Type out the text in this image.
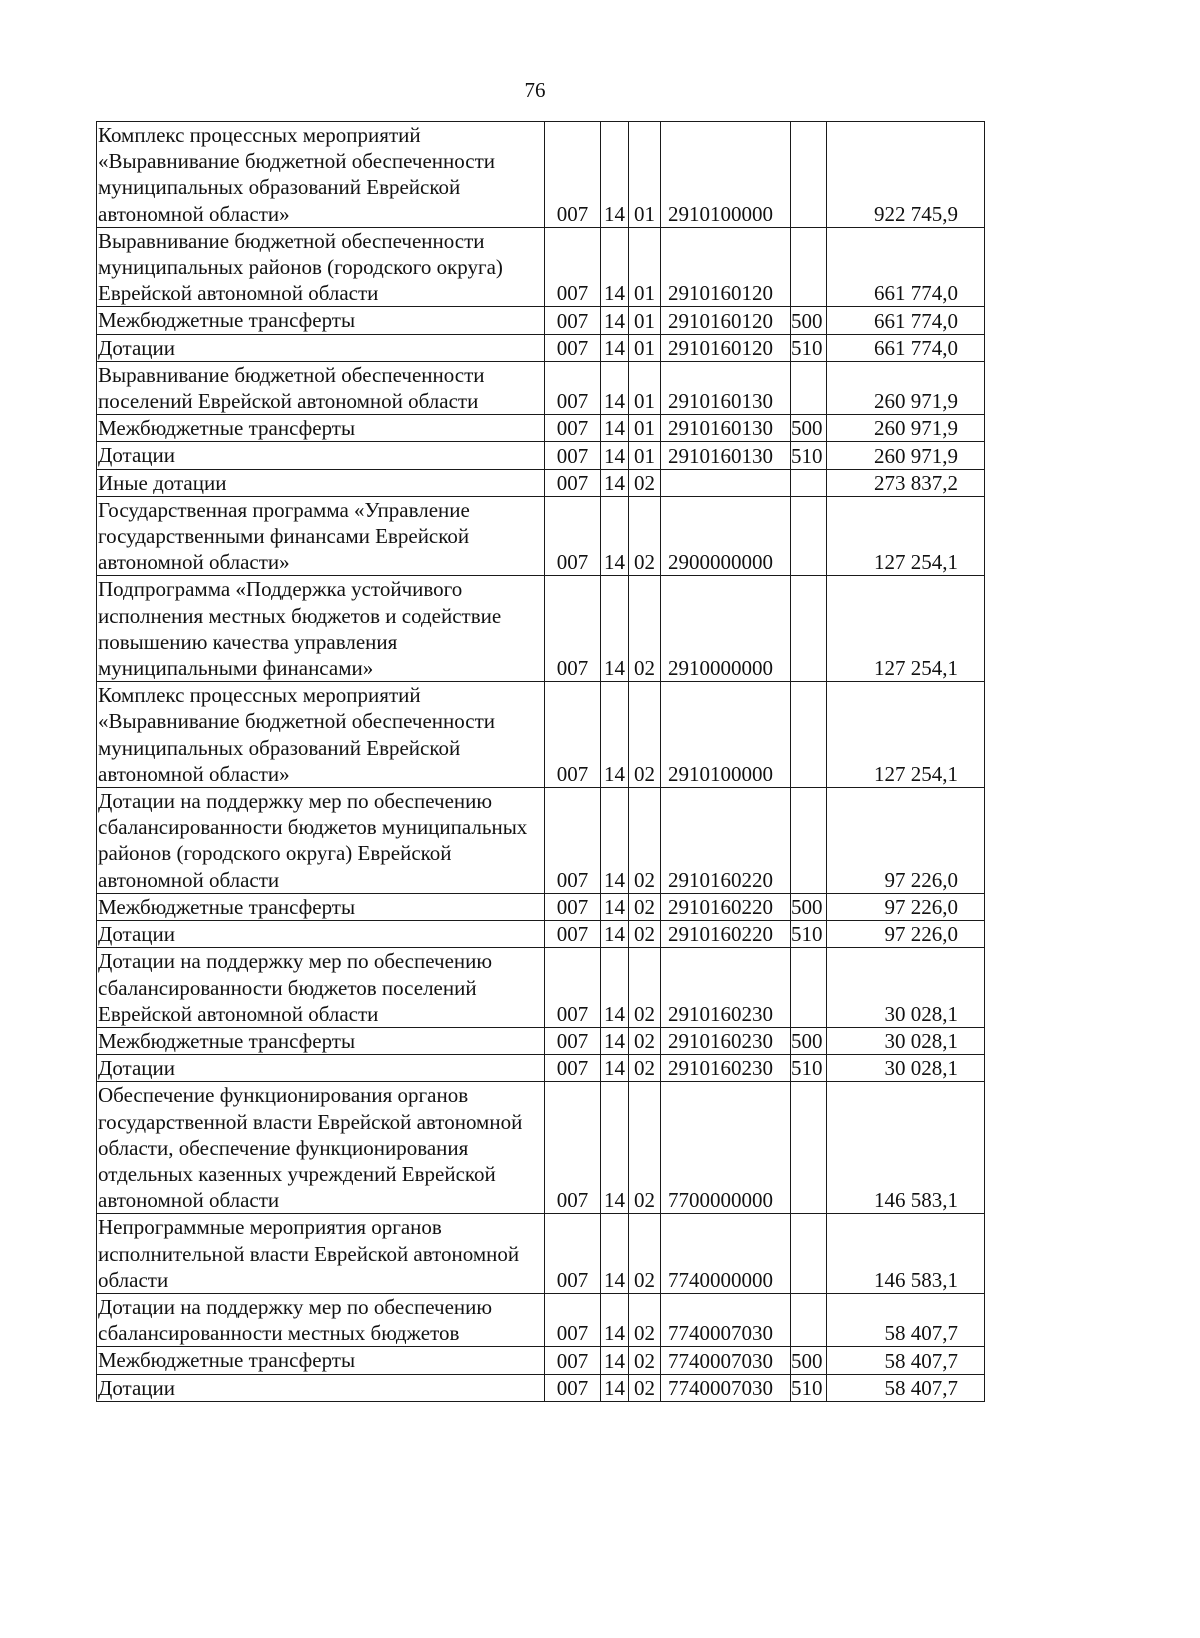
76
Комплекс процессных мероприятий «Выравнивание бюджетной обеспеченности муниципальных образований Еврейской автономной области»	007	14	01	2910100000		922 745,9
Выравнивание бюджетной обеспеченности муниципальных районов (городского округа) Еврейской автономной области	007	14	01	2910160120		661 774,0
Межбюджетные трансферты	007	14	01	2910160120	500	661 774,0
Дотации	007	14	01	2910160120	510	661 774,0
Выравнивание бюджетной обеспеченности поселений Еврейской автономной области	007	14	01	2910160130		260 971,9
Межбюджетные трансферты	007	14	01	2910160130	500	260 971,9
Дотации	007	14	01	2910160130	510	260 971,9
Иные дотации	007	14	02			273 837,2
Государственная программа «Управление государственными финансами Еврейской автономной области»	007	14	02	2900000000		127 254,1
Подпрограмма «Поддержка устойчивого исполнения местных бюджетов и содействие повышению качества управления муниципальными финансами»	007	14	02	2910000000		127 254,1
Комплекс процессных мероприятий «Выравнивание бюджетной обеспеченности муниципальных образований Еврейской автономной области»	007	14	02	2910100000		127 254,1
Дотации на поддержку мер по обеспечению сбалансированности бюджетов муниципальных районов (городского округа) Еврейской автономной области	007	14	02	2910160220		97 226,0
Межбюджетные трансферты	007	14	02	2910160220	500	97 226,0
Дотации	007	14	02	2910160220	510	97 226,0
Дотации на поддержку мер по обеспечению сбалансированности бюджетов поселений Еврейской автономной области	007	14	02	2910160230		30 028,1
Межбюджетные трансферты	007	14	02	2910160230	500	30 028,1
Дотации	007	14	02	2910160230	510	30 028,1
Обеспечение функционирования органов государственной власти Еврейской автономной области, обеспечение функционирования отдельных казенных учреждений Еврейской автономной области	007	14	02	7700000000		146 583,1
Непрограммные мероприятия органов исполнительной власти Еврейской автономной области	007	14	02	7740000000		146 583,1
Дотации на поддержку мер по обеспечению сбалансированности местных бюджетов	007	14	02	7740007030		58 407,7
Межбюджетные трансферты	007	14	02	7740007030	500	58 407,7
Дотации	007	14	02	7740007030	510	58 407,7
